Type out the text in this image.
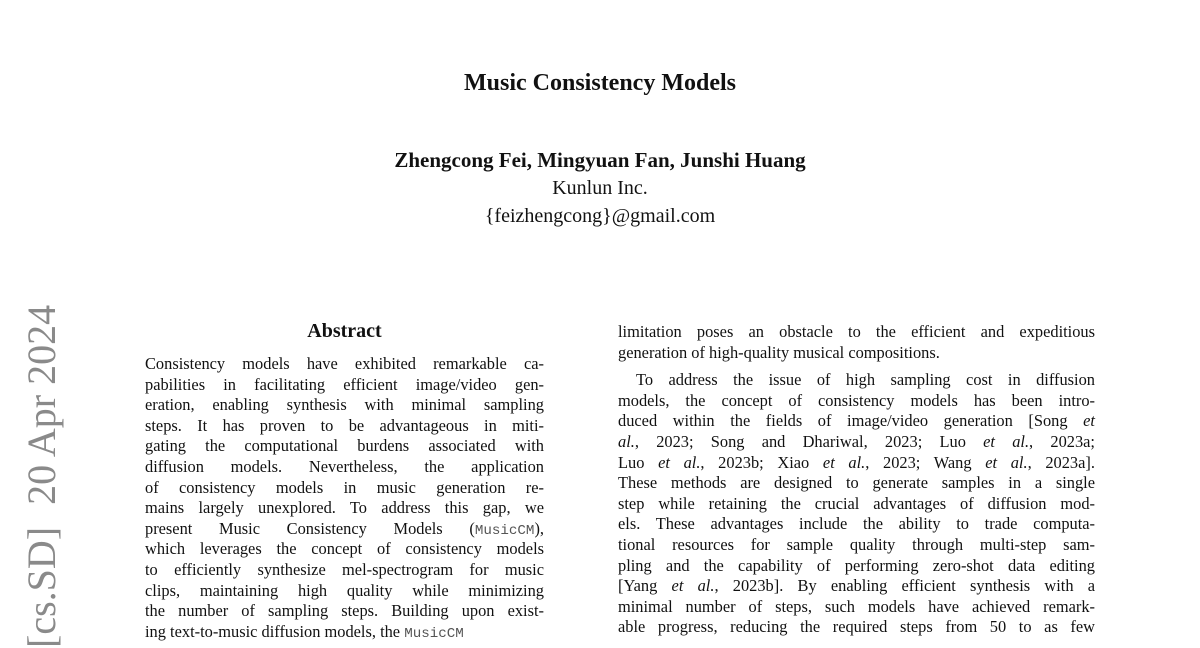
[cs.SD]20 Apr 2024
Music Consistency Models
Zhengcong Fei, Mingyuan Fan, Junshi Huang
Kunlun Inc.
{feizhengcong}@gmail.com
Abstract
Consistency models have exhibited remarkable ca-
pabilities in facilitating efficient image/video gen-
eration, enabling synthesis with minimal sampling
steps. It has proven to be advantageous in miti-
gating the computational burdens associated with
diffusion models. Nevertheless, the application
of consistency models in music generation re-
mains largely unexplored. To address this gap, we
present Music Consistency Models (MusicCM),
which leverages the concept of consistency models
to efficiently synthesize mel-spectrogram for music
clips, maintaining high quality while minimizing
the number of sampling steps. Building upon exist-
ing text-to-music diffusion models, the MusicCM
limitation poses an obstacle to the efficient and expeditious
generation of high-quality musical compositions.
To address the issue of high sampling cost in diffusion
models, the concept of consistency models has been intro-
duced within the fields of image/video generation [Song et
al., 2023; Song and Dhariwal, 2023; Luo et al., 2023a;
Luo et al., 2023b; Xiao et al., 2023; Wang et al., 2023a].
These methods are designed to generate samples in a single
step while retaining the crucial advantages of diffusion mod-
els. These advantages include the ability to trade computa-
tional resources for sample quality through multi-step sam-
pling and the capability of performing zero-shot data editing
[Yang et al., 2023b]. By enabling efficient synthesis with a
minimal number of steps, such models have achieved remark-
able progress, reducing the required steps from 50 to as few
